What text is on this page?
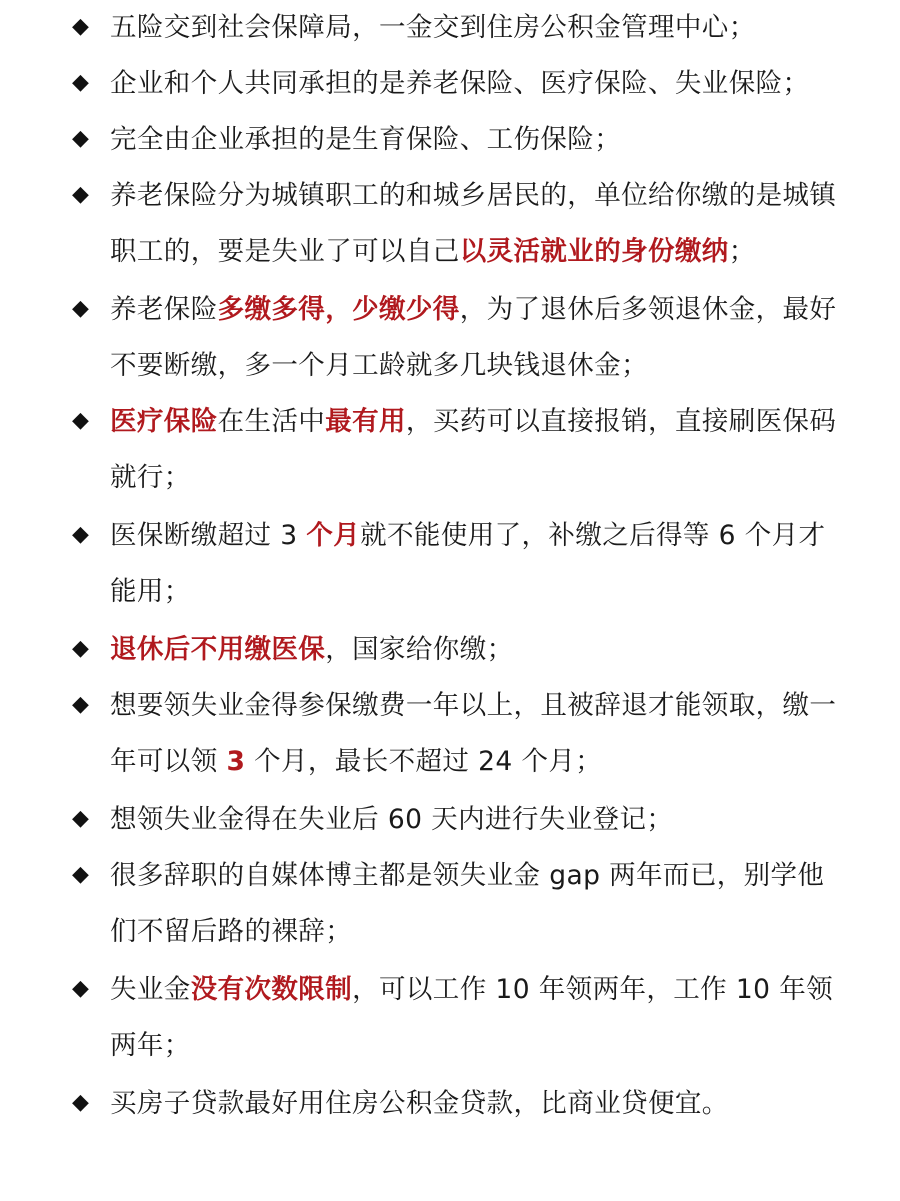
◆ 五险交到社会保障局，一金交到住房公积金管理中心；
◆ 企业和个人共同承担的是养老保险、医疗保险、失业保险；
◆ 完全由企业承担的是生育保险、工伤保险；
◆ 养老保险分为城镇职工的和城乡居民的，单位给你缴的是城镇职工的，要是失业了可以自己以灵活就业的身份缴纳；
◆ 养老保险多缴多得，少缴少得，为了退休后多领退休金，最好不要断缴，多一个月工龄就多几块钱退休金；
◆ 医疗保险在生活中最有用，买药可以直接报销，直接刷医保码就行；
◆ 医保断缴超过 3 个月就不能使用了，补缴之后得等 6 个月才能用；
◆ 退休后不用缴医保，国家给你缴；
◆ 想要领失业金得参保缴费一年以上，且被辞退才能领取，缴一年可以领 3 个月，最长不超过 24 个月；
◆ 想领失业金得在失业后 60 天内进行失业登记；
◆ 很多辞职的自媒体博主都是领失业金 gap 两年而已，别学他们不留后路的裸辞；
◆ 失业金没有次数限制，可以工作 10 年领两年，工作 10 年领两年；
◆ 买房子贷款最好用住房公积金贷款，比商业贷便宜。
